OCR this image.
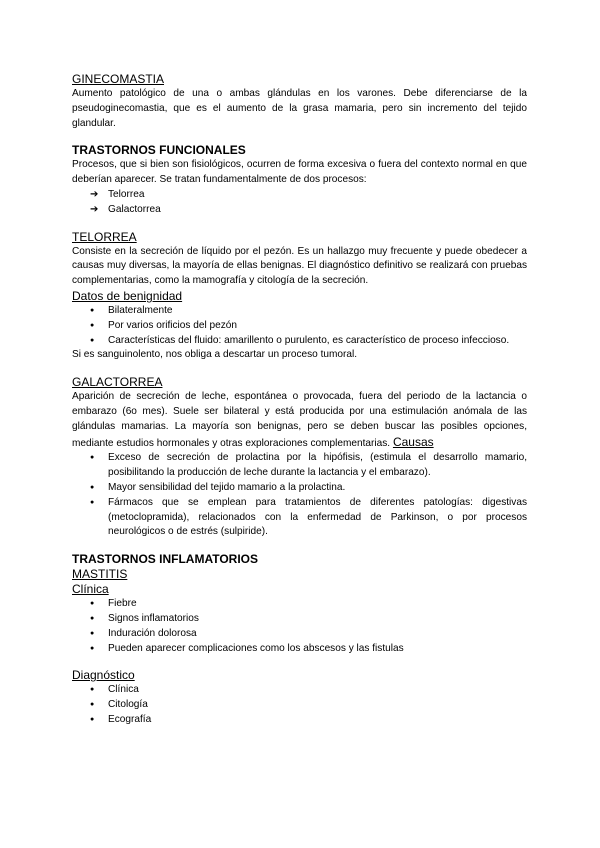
GINECOMASTIA

Aumento patológico de una o ambas glándulas en los varones. Debe diferenciarse de la pseudoginecomastia, que es el aumento de la grasa mamaria, pero sin incremento del tejido glandular.

TRASTORNOS FUNCIONALES

Procesos, que si bien son fisiológicos, ocurren de forma excesiva o fuera del contexto normal en que deberían aparecer. Se tratan fundamentalmente de dos procesos:

➔ Telorrea
➔ Galactorrea

TELORREA

Consiste en la secreción de líquido por el pezón. Es un hallazgo muy frecuente y puede obedecer a causas muy diversas, la mayoría de ellas benignas. El diagnóstico definitivo se realizará con pruebas complementarias, como la mamografía y citología de la secreción.

Datos de benignidad

● Bilateralmente
● Por varios orificios del pezón
● Características del fluido: amarillento o purulento, es característico de proceso infeccioso.

Si es sanguinolento, nos obliga a descartar un proceso tumoral.

GALACTORREA

Aparición de secreción de leche, espontánea o provocada, fuera del periodo de la lactancia o embarazo (6o mes). Suele ser bilateral y está producida por una estimulación anómala de las glándulas mamarias. La mayoría son benignas, pero se deben buscar las posibles opciones, mediante estudios hormonales y otras exploraciones complementarias. Causas

● Exceso de secreción de prolactina por la hipófisis, (estimula el desarrollo mamario, posibilitando la producción de leche durante la lactancia y el embarazo).
● Mayor sensibilidad del tejido mamario a la prolactina.
● Fármacos que se emplean para tratamientos de diferentes patologías: digestivas (metoclopramida), relacionados con la enfermedad de Parkinson, o por procesos neurológicos o de estrés (sulpiride).

TRASTORNOS INFLAMATORIOS

MASTITIS

Clínica

● Fiebre
● Signos inflamatorios
● Induración dolorosa
● Pueden aparecer complicaciones como los abscesos y las fistulas

Diagnóstico

● Clínica
● Citología
● Ecografía
